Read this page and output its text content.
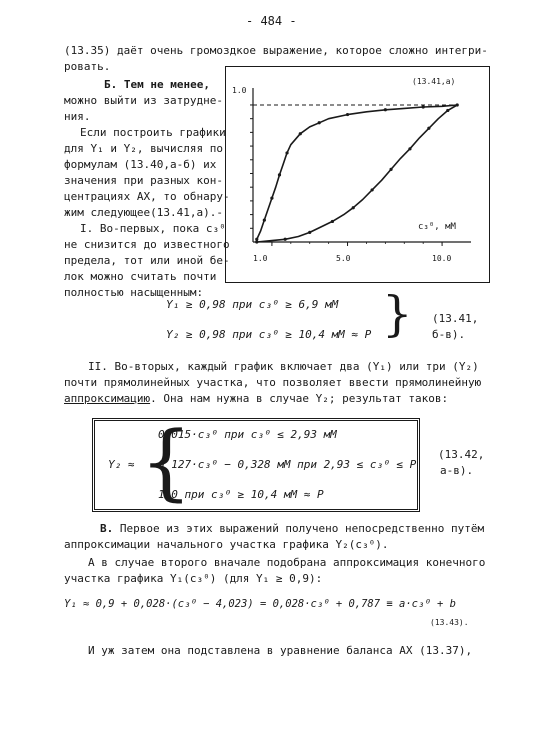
- 484 -
(13.35) даёт очень громоздкое выражение, которое сложно интегри-
ровать.
Б. Тем не менее,
можно выйти из затрудне-
ния.
Если построить графики
для Y₁ и Y₂, вычисляя по
формулам (13.40,а-б) их
значения при разных кон-
центрациях AX, то обнару-
жим следующее(13.41,а).-
I. Во-первых, пока c₃⁰
не снизится до известного
предела, тот или иной бе-
лок можно считать почти
полностью насыщенным:
(13.41,а)
1.0
c₃⁰, мМ
1.0	5.0	10.0
Y₁ ≥ 0,98 при c₃⁰ ≥ 6,9 мМ
Y₂ ≥ 0,98 при c₃⁰ ≥ 10,4 мМ ≈ P } (13.41,
б-в).
II. Во-вторых, каждый график включает два (Y₁) или три (Y₂)
почти прямолинейных участка, что позволяет ввести прямолинейную
аппроксимацию. Она нам нужна в случае Y₂; результат таков:
Y₂ ≈ {
0,015·c₃⁰ при c₃⁰ ≤ 2,93 мМ
0 127·c₃⁰ − 0,328 мМ при 2,93 ≤ c₃⁰ ≤ P
1,0 при c₃⁰ ≥ 10,4 мМ ≈ P
(13.42,
а-в).
В. Первое из этих выражений получено непосредственно путём
аппроксимации начального участка графика Y₂(c₃⁰).
А в случае второго вначале подобрана аппроксимация конечного
участка графика Y₁(c₃⁰) (для Y₁ ≥ 0,9):
Y₁ ≈ 0,9 + 0,028·(c₃⁰ − 4,023) = 0,028·c₃⁰ + 0,787 ≡ a·c₃⁰ + b
(13.43).
И уж затем она подставлена в уравнение баланса AX (13.37),
